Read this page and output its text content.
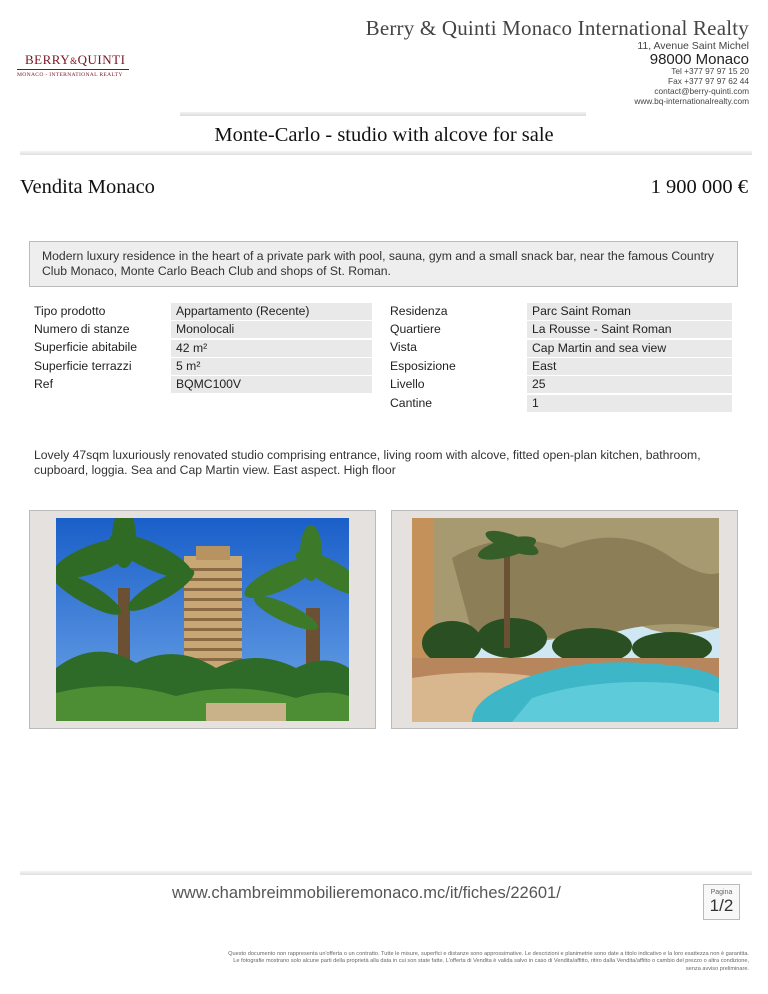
Berry & Quinti Monaco International Realty
11, Avenue Saint Michel
98000 Monaco
Tel +377 97 97 15 20
Fax +377 97 97 62 44
contact@berry-quinti.com
www.bq-internationalrealty.com
BERRY&QUINTI
MONACO - INTERNATIONAL REALTY
Monte-Carlo - studio with alcove for sale
Vendita Monaco	1 900 000 €
Modern luxury residence in the heart of a private park with pool, sauna, gym and a small snack bar, near the famous Country Club Monaco, Monte Carlo Beach Club and shops of St. Roman.
Tipo prodotto	Appartamento (Recente)
Numero di stanze	Monolocali
Superficie abitabile	42 m²
Superficie terrazzi	5 m²
Ref	BQMC100V
Residenza	Parc Saint Roman
Quartiere	La Rousse - Saint Roman
Vista	Cap Martin and sea view
Esposizione	East
Livello	25
Cantine	1
Lovely 47sqm luxuriously renovated studio comprising entrance, living room with alcove, fitted open-plan kitchen, bathroom, cupboard, loggia. Sea and Cap Martin view. East aspect. High floor
www.chambreimmobilieremonaco.mc/it/fiches/22601/	Pagina
1/2
Questo documento non rappresenta un'offerta o un contratto. Tutte le misure, superfici e distanze sono approssimative. Le descrizioni e planimetrie sono date a titolo indicativo e la loro esattezza non è garantita.
Le fotografie mostrano solo alcune parti della proprietà alla data in cui son state fatte. L'offerta di Vendita è valida salvo in caso di Vendita/affitto, ritiro dalla Vendita/affitto o cambio del prezzo o altra condizione,
senza avviso preliminare.
